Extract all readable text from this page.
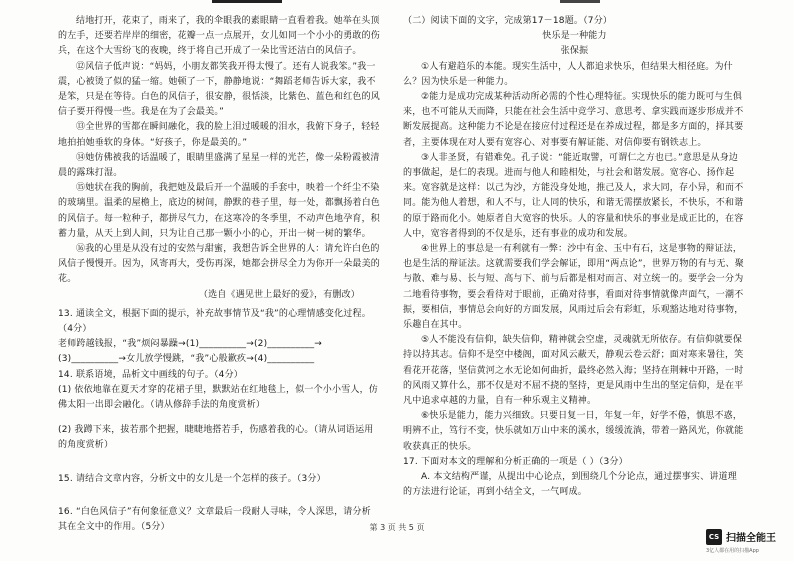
结地打开，花束了，雨来了，我的伞眼我的素眼睛一直看着我。她举在头顶的左手，还要若岸岸的细密，花瓣一点一点展开，女儿如同一个小小的勇敢的伤兵，在这个大雪纷飞的夜晚，终于将自己开成了一朵比雪还洁白的风信子。

⑫风信子低声说：“妈妈，小朋友都笑我开得太慢了。还有人说我笨。”我一震，心被烫了似的猛一缩。她顿了一下，静静地说：“舞蹈老师告诉大家，我不是笨，只是在等待。白色的风信子，很安静，很恬淡，比紫色、蓝色和红色的风信子要开得慢一些。我是在为了会最美。”

⑬全世界的雪都在瞬间融化，我的脸上泪过暖暖的泪水，我俯下身子，轻轻地拍拍她垂软的身体。“好孩子，你是最美的。”

⑭她仿佛被我的话温暖了，眼睛里盛满了星星一样的光芒，像一朵粉霞被清晨的露珠打湿。

⑮她状在我的胸前，我把她及最后开一个温暖的手套中，映着一个纤尘不染的玻璃里。温柔的屋檐上，底边的树间，静默的巷子里，每一处，都飘扬着白色的风信子。每一粒种子，都拼尽气力，在这寒冷的冬季里，不动声色地孕育，积蓄力量，从天上到人间，只为让自己那一颗小小的心，开出一树一树的繁华。

⑯我的心里是从没有过的安然与甜蜜，我想告诉全世界的人：请允许白色的风信子慢慢开。因为，风寄再大，受伤再深，她都会拼尽全力为你开一朵最美的花。

（选自《遇见世上最好的爱》，有删改）

13. 通读全文，根据下面的提示，补充故事情节及“我”的心理情感变化过程。（4分）

老师跨越钱报，“我”烦闷暴躁→(1)__________→(2)__________→

(3)__________→女儿放学慢跳，“我”心般歉疚→(4)__________

14. 联系语境，品析文中画线的句子。（4分）

(1) 依依地靠在夏天才穿的花裙子里，默默站在红地毯上，似一个小小雪人，仿佛太阳一出即会融化。（请从修辞手法的角度赏析）

(2) 我蹲下来，拔若那个把握，睫睫地搭若手，伤感着我的心。（请从词语运用的角度赏析）

15. 请结合文章内容，分析文中的女儿是一个怎样的孩子。（3分）

16. “白色风信子”有何象征意义？文章最后一段耐人寻味，令人深思，请分析其在全文中的作用。（5分）

（二）阅读下面的文字，完成第17－18题。（7分）

快乐是一种能力

张保振

①人有避趋乐的本能。现实生活中，人人都追求快乐，但结果大相径庭。为什么？因为快乐是一种能力。

②能力是成功完成某种活动所必需的个性心理特征。实现快乐的能力既可与生俱来，也不可能从天而降，只能在社会生活中竞学习、意思考、拿实践而逐步形成并不断发展提高。这种能力不论是在接应付过程还是在养成过程，都是多方面的，择其要者，主要体现在对人要有宽容心、对事要有解证能、对信仰要有钢铁志上。

③人非圣贤，有错难免。孔子说：“能近取譬，可谓仁之方也已。”意思是从身边的事做起，是仁的表现。进而与他人和睦相处，与社会和谐发展。宽容心、扬作起来。宽容就是这样：以己为沙，方能没身处地，推己及人，求大同，存小异，和而不同。能为他人着想，和人不与，让人同的快乐，和谐无需摆放紧长，不快乐，不和谐的原于路而化小。她原者自大宽容的快乐。人的容量和快乐的事业是成正比的，在容人中，宽容者得到的不仅是乐，还有事业的成功和发展。

④世界上的事总是一有利就有一弊：沙中有金、玉中有石，这是事物的辩证法，也是生活的辩证法。这就需要我们学会解证，即用“两点论”，世界万物的有与无、聚与散、难与易、长与短、高与下、前与后都是相对而言、对立统一的。要学会一分为二地看待事物，要会看待对于眼前，正确对待事，看面对待事情就像声面气，一潮不振，要相信，事情总会向好的方面发展，风雨过后会有彩虹，乐观豁达地对待事物，乐趣自在其中。

⑤人不能没有信仰，缺失信仰，精神就会空虚，灵魂就无所依存。有信仰就要保持以持其志。信仰不是空中楼阁，面对风云蔽天，静观云卷云舒；面对寒来暑往，笑看花开花落，坚信黄河之水无论如何曲折，最终必然入海；坚持在荆棘中开路，一时的风雨又算什么，那不仅是对不屈不挠的坚持，更是风雨中生出的坚定信仰，是在平凡中追求卓越的力量，自有一种乐观主义精神。

⑥快乐是能力，能力兴细致。只要日复一日，年复一年，好学不倦，慎思不惑，明辨不止，笃行不变，快乐就如万山中来的溪水，缓缓流淌，带着一路风光，你就能收获真正的快乐。

17. 下面对本文的理解和分析正确的一项是（ ）（3分）

A. 本文结构严谨，从提出中心论点，到围绕几个分论点，通过摆事实、讲道理的方法进行论证，再到小结全文，一气呵成。

第 3 页 共 5 页
CS 扫描全能王
3亿人都在用的扫描App
